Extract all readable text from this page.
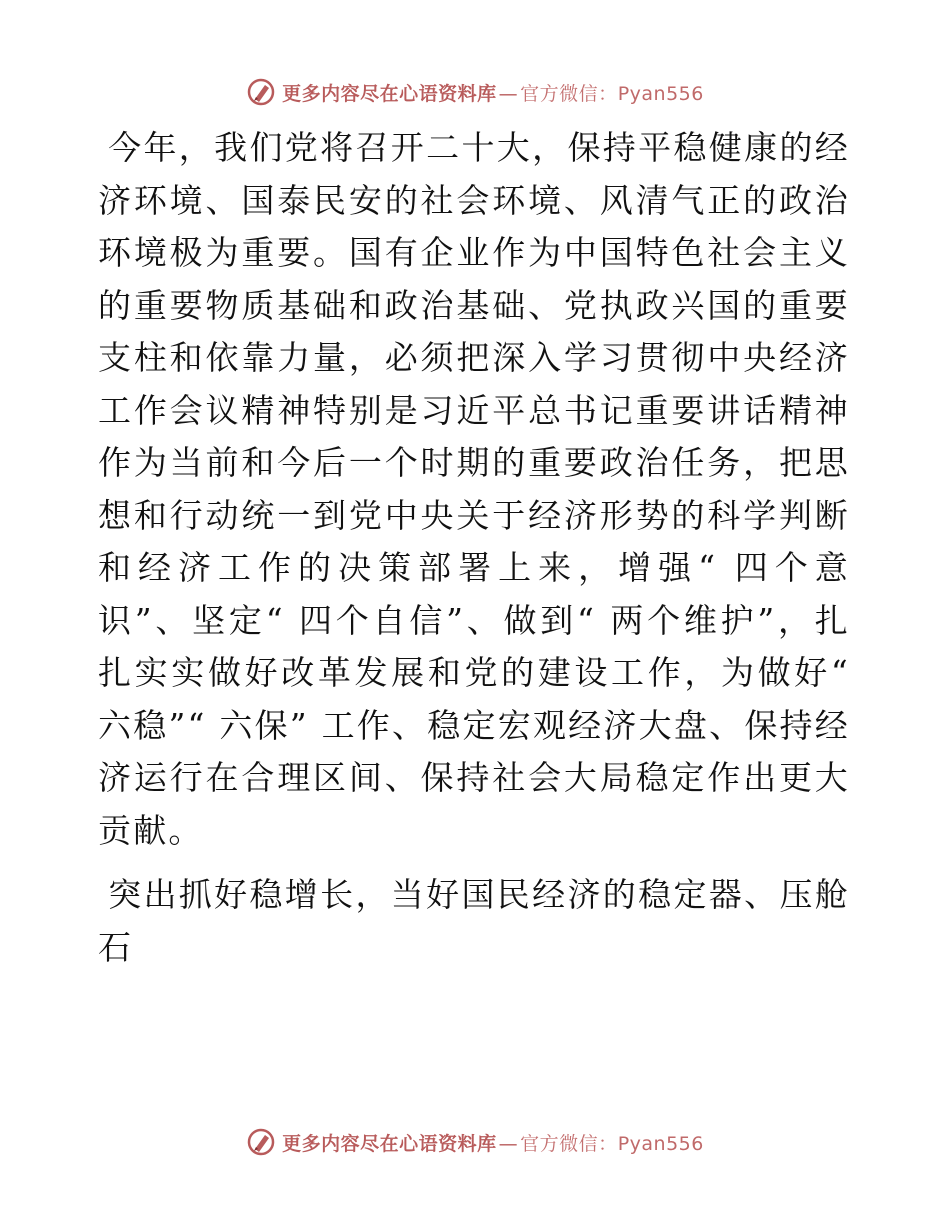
更多内容尽在心语资料库 — 官方微信：Pyan556

今年，我们党将召开二十大，保持平稳健康的经济环境、国泰民安的社会环境、风清气正的政治环境极为重要。国有企业作为中国特色社会主义的重要物质基础和政治基础、党执政兴国的重要支柱和依靠力量，必须把深入学习贯彻中央经济工作会议精神特别是习近平总书记重要讲话精神作为当前和今后一个时期的重要政治任务，把思想和行动统一到党中央关于经济形势的科学判断和经济工作的决策部署上来，增强“ 四个意识”、坚定“ 四个自信”、做到“ 两个维护”，扎扎实实做好改革发展和党的建设工作，为做好“ 六稳”“ 六保” 工作、稳定宏观经济大盘、保持经济运行在合理区间、保持社会大局稳定作出更大贡献。

突出抓好稳增长，当好国民经济的稳定器、压舱石

更多内容尽在心语资料库 — 官方微信：Pyan556
